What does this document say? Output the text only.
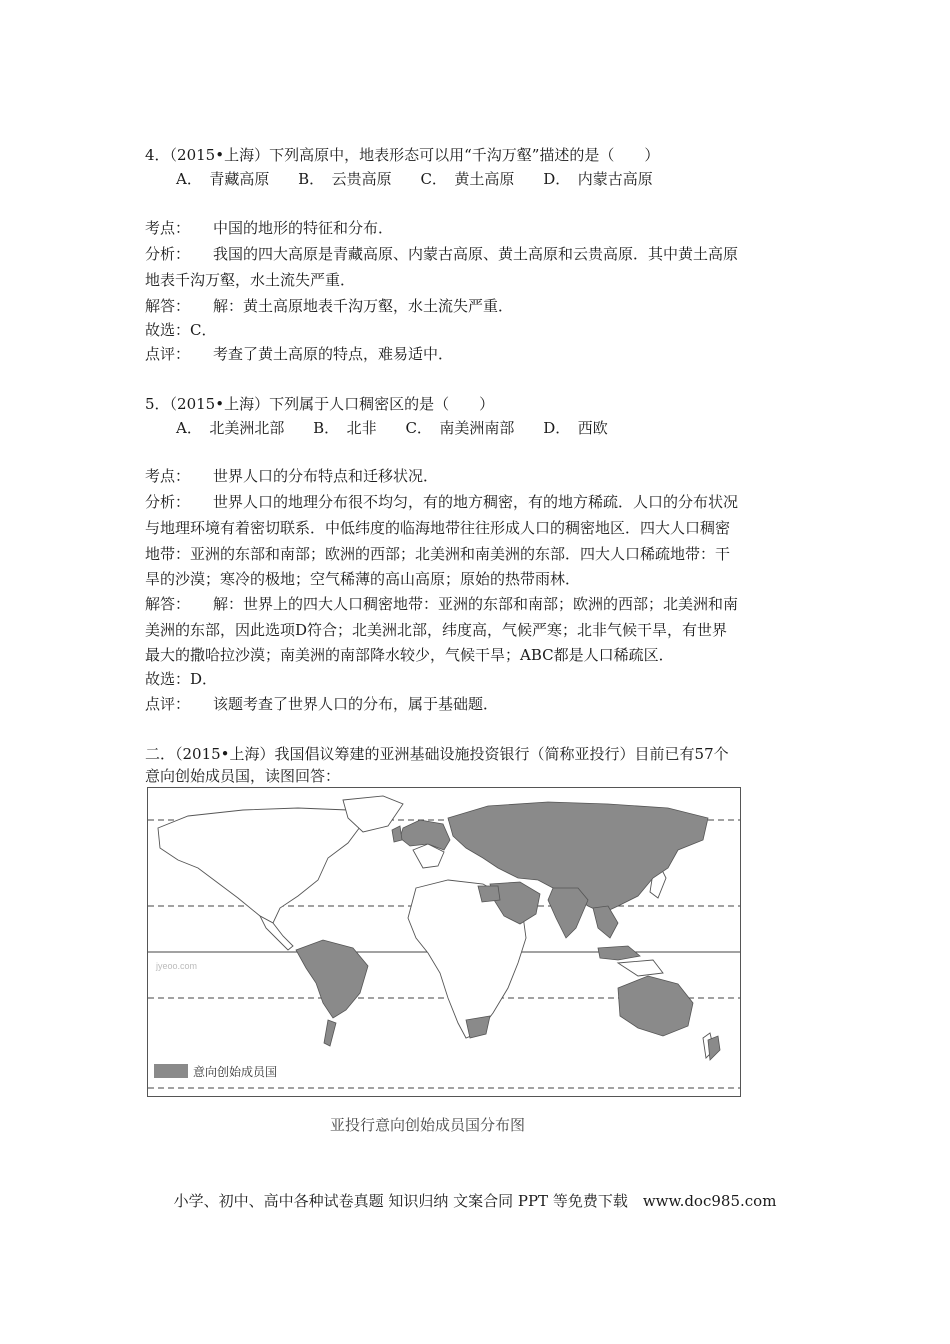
4．（2015•上海）下列高原中，地表形态可以用“千沟万壑”描述的是（　　）
A．　青藏高原 B．　云贵高原 C．　黄土高原 D．　内蒙古高原
考点： 中国的地形的特征和分布．
分析： 我国的四大高原是青藏高原、内蒙古高原、黄土高原和云贵高原．其中黄土高原
地表千沟万壑，水土流失严重．
解答： 解：黄土高原地表千沟万壑，水土流失严重．
故选：C．
点评： 考查了黄土高原的特点，难易适中．
5．（2015•上海）下列属于人口稠密区的是（　　）
A．　北美洲北部 B．　北非 C．　南美洲南部 D．　西欧
考点： 世界人口的分布特点和迁移状况．
分析： 世界人口的地理分布很不均匀，有的地方稠密，有的地方稀疏．人口的分布状况
与地理环境有着密切联系．中低纬度的临海地带往往形成人口的稠密地区．四大人口稠密
地带：亚洲的东部和南部；欧洲的西部；北美洲和南美洲的东部．四大人口稀疏地带：干
旱的沙漠；寒冷的极地；空气稀薄的高山高原；原始的热带雨林．
解答： 解：世界上的四大人口稠密地带：亚洲的东部和南部；欧洲的西部；北美洲和南
美洲的东部，因此选项D符合；北美洲北部，纬度高，气候严寒；北非气候干旱，有世界
最大的撒哈拉沙漠；南美洲的南部降水较少，气候干旱；ABC都是人口稀疏区．
故选：D．
点评： 该题考查了世界人口的分布，属于基础题．
二．（2015•上海）我国倡议筹建的亚洲基础设施投资银行（简称亚投行）目前已有57个
意向创始成员国，读图回答：
jyeoo.com
意向创始成员国
亚投行意向创始成员国分布图
小学、初中、高中各种试卷真题 知识归纳 文案合同 PPT 等免费下载　www.doc985.com
